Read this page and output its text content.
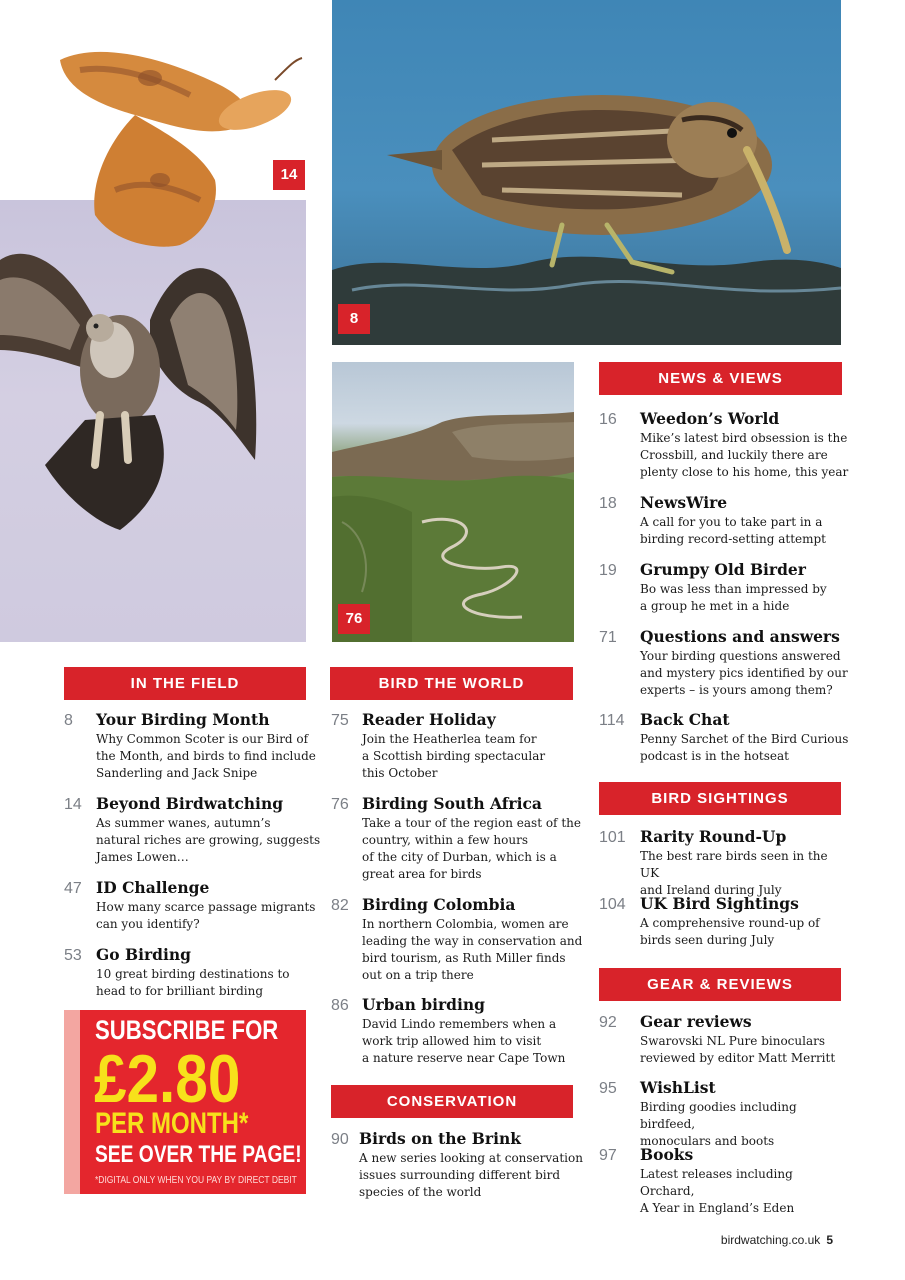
14
8
76
IN THE FIELD	BIRD THE WORLD
CONSERVATION
NEWS & VIEWS
BIRD SIGHTINGS
GEAR & REVIEWS
8 Your Birding Month
Why Common Scoter is our Bird of
the Month, and birds to find include
Sanderling and Jack Snipe
14 Beyond Birdwatching
As summer wanes, autumn’s
natural riches are growing, suggests
James Lowen…
47 ID Challenge
How many scarce passage migrants
can you identify?
53 Go Birding
10 great birding destinations to
head to for brilliant birding
SUBSCRIBE FOR
£2.80
PER MONTH*
SEE OVER THE PAGE!
*DIGITAL ONLY WHEN YOU PAY BY DIRECT DEBIT
75 Reader Holiday
Join the Heatherlea team for
a Scottish birding spectacular
this October
76 Birding South Africa
Take a tour of the region east of the
country, within a few hours
of the city of Durban, which is a
great area for birds
82 Birding Colombia
In northern Colombia, women are
leading the way in conservation and
bird tourism, as Ruth Miller finds
out on a trip there
86 Urban birding
David Lindo remembers when a
work trip allowed him to visit
a nature reserve near Cape Town
90 Birds on the Brink
A new series looking at conservation
issues surrounding different bird
species of the world
16 Weedon’s World
Mike’s latest bird obsession is the
Crossbill, and luckily there are
plenty close to his home, this year
18 NewsWire
A call for you to take part in a
birding record-setting attempt
19 Grumpy Old Birder
Bo was less than impressed by
a group he met in a hide
71 Questions and answers
Your birding questions answered
and mystery pics identified by our
experts – is yours among them?
114 Back Chat
Penny Sarchet of the Bird Curious
podcast is in the hotseat
101 Rarity Round-Up
The best rare birds seen in the UK
and Ireland during July
104 UK Bird Sightings
A comprehensive round-up of
birds seen during July
92 Gear reviews
Swarovski NL Pure binoculars
reviewed by editor Matt Merritt
95 WishList
Birding goodies including birdfeed,
monoculars and boots
97 Books
Latest releases including Orchard,
A Year in England’s Eden
birdwatching.co.uk 5
